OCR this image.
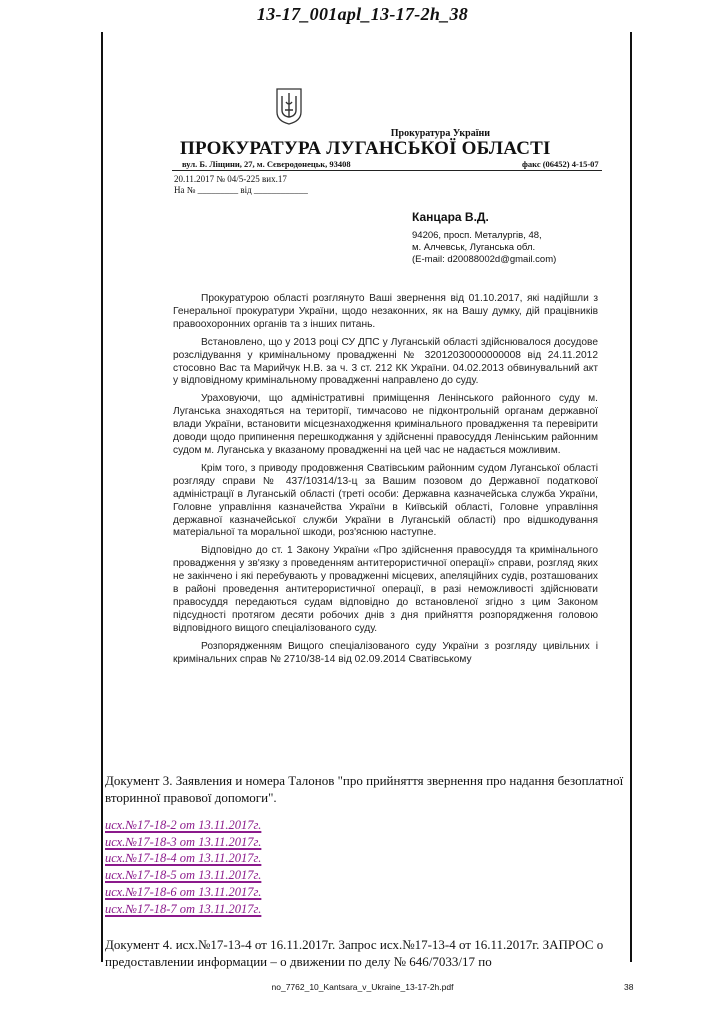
13-17_001apl_13-17-2h_38
Прокуратура України
ПРОКУРАТУРА ЛУГАНСЬКОЇ ОБЛАСТІ
вул. Б. Ліщини, 27, м. Сєвєродонецьк, 93408	факс (06452) 4-15-07
20.11.2017 № 04/5-225 вих.17
На № _________ від ____________
Канцара В.Д.
94206, просп. Металургів, 48,
м. Алчевськ, Луганська обл.
(E-mail: d20088002d@gmail.com)

Прокуратурою області розглянуто Ваші звернення від 01.10.2017, які надійшли з Генеральної прокуратури України, щодо незаконних, як на Вашу думку, дій працівників правоохоронних органів та з інших питань.

Встановлено, що у 2013 році СУ ДПС у Луганській області здійснювалося досудове розслідування у кримінальному провадженні № 32012030000000008 від 24.11.2012 стосовно Вас та Марийчук Н.В. за ч. 3 ст. 212 КК України. 04.02.2013 обвинувальний акт у відповідному кримінальному провадженні направлено до суду.

Ураховуючи, що адміністративні приміщення Ленінського районного суду м. Луганська знаходяться на території, тимчасово не підконтрольній органам державної влади України, встановити місцезнаходження кримінального провадження та перевірити доводи щодо припинення перешкоджання у здійсненні правосуддя Ленінським районним судом м. Луганська у вказаному провадженні на цей час не надається можливим.

Крім того, з приводу продовження Сватівським районним судом Луганської області розгляду справи № 437/10314/13-ц за Вашим позовом до Державної податкової адміністрації в Луганській області (треті особи: Державна казначейська служба України, Головне управління казначейства України в Київській області, Головне управління державної казначейської служби України в Луганській області) про відшкодування матеріальної та моральної шкоди, роз'яснюю наступне.

Відповідно до ст. 1 Закону України «Про здійснення правосуддя та кримінального провадження у зв'язку з проведенням антитерористичної операції» справи, розгляд яких не закінчено і які перебувають у провадженні місцевих, апеляційних судів, розташованих в районі проведення антитерористичної операції, в разі неможливості здійснювати правосуддя передаються судам відповідно до встановленої згідно з цим Законом підсудності протягом десяти робочих днів з дня прийняття розпорядження головою відповідного вищого спеціалізованого суду.

Розпорядженням Вищого спеціалізованого суду України з розгляду цивільних і кримінальних справ № 2710/38-14 від 02.09.2014 Сватівському

Документ 3. Заявления и номера Талонов "про прийняття звернення про надання безоплатної вторинної правової допомоги".
исх.№17-18-2 от 13.11.2017г.
исх.№17-18-3 от 13.11.2017г.
исх.№17-18-4 от 13.11.2017г.
исх.№17-18-5 от 13.11.2017г.
исх.№17-18-6 от 13.11.2017г.
исх.№17-18-7 от 13.11.2017г.
Документ 4. исх.№17-13-4 от 16.11.2017г. Запрос исх.№17-13-4 от 16.11.2017г. ЗАПРОС о предоставлении информации – о движении по делу № 646/7033/17 по
no_7762_10_Kantsara_v_Ukraine_13-17-2h.pdf	38
